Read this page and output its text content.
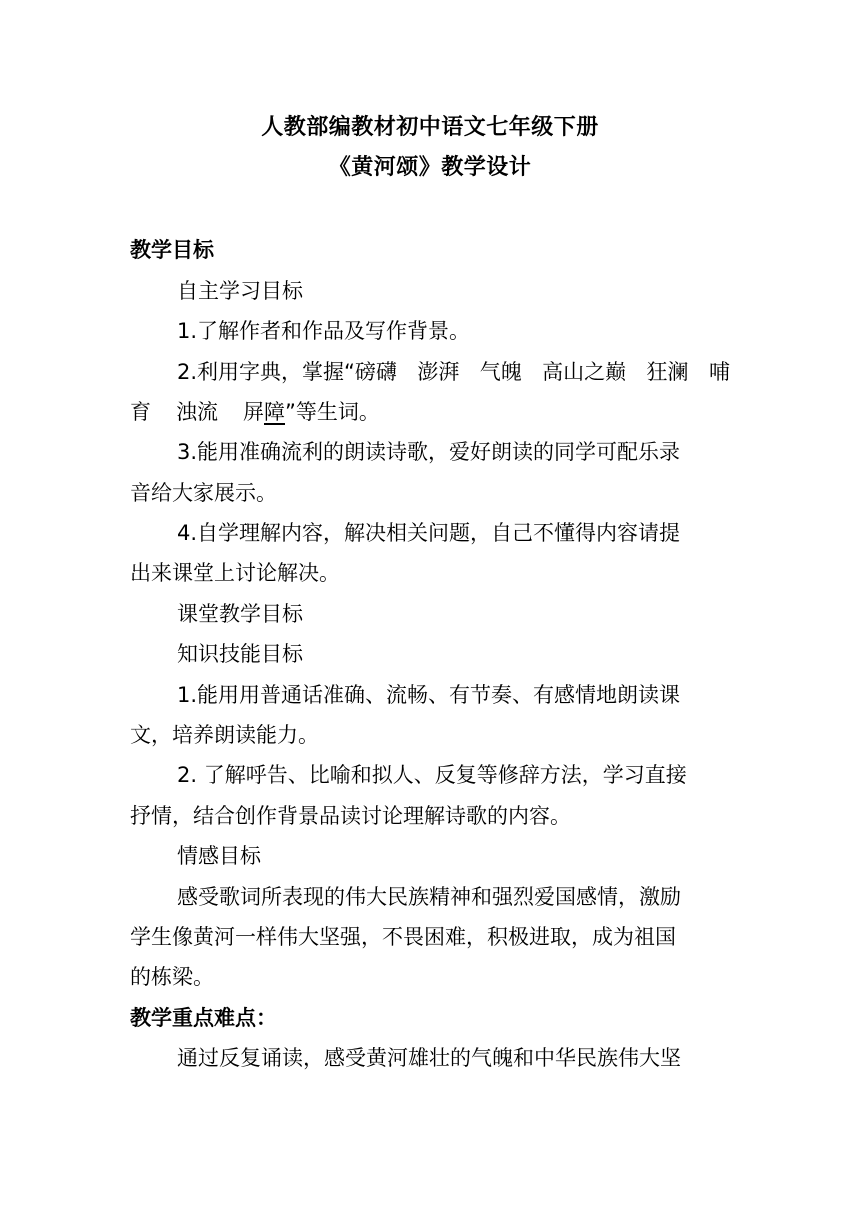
人教部编教材初中语文七年级下册
《黄河颂》教学设计
教学目标
自主学习目标
1.了解作者和作品及写作背景。
2.利用字典，掌握“磅礴 澎湃 气魄 高山之巅 狂澜 哺
育 浊流 屏障”等生词。
3.能用准确流利的朗读诗歌，爱好朗读的同学可配乐录
音给大家展示。
4.自学理解内容，解决相关问题，自己不懂得内容请提
出来课堂上讨论解决。
课堂教学目标
知识技能目标
1.能用用普通话准确、流畅、有节奏、有感情地朗读课
文，培养朗读能力。
2. 了解呼告、比喻和拟人、反复等修辞方法，学习直接
抒情，结合创作背景品读讨论理解诗歌的内容。
情感目标
感受歌词所表现的伟大民族精神和强烈爱国感情，激励
学生像黄河一样伟大坚强，不畏困难，积极进取，成为祖国
的栋梁。
教学重点难点：
通过反复诵读，感受黄河雄壮的气魄和中华民族伟大坚
